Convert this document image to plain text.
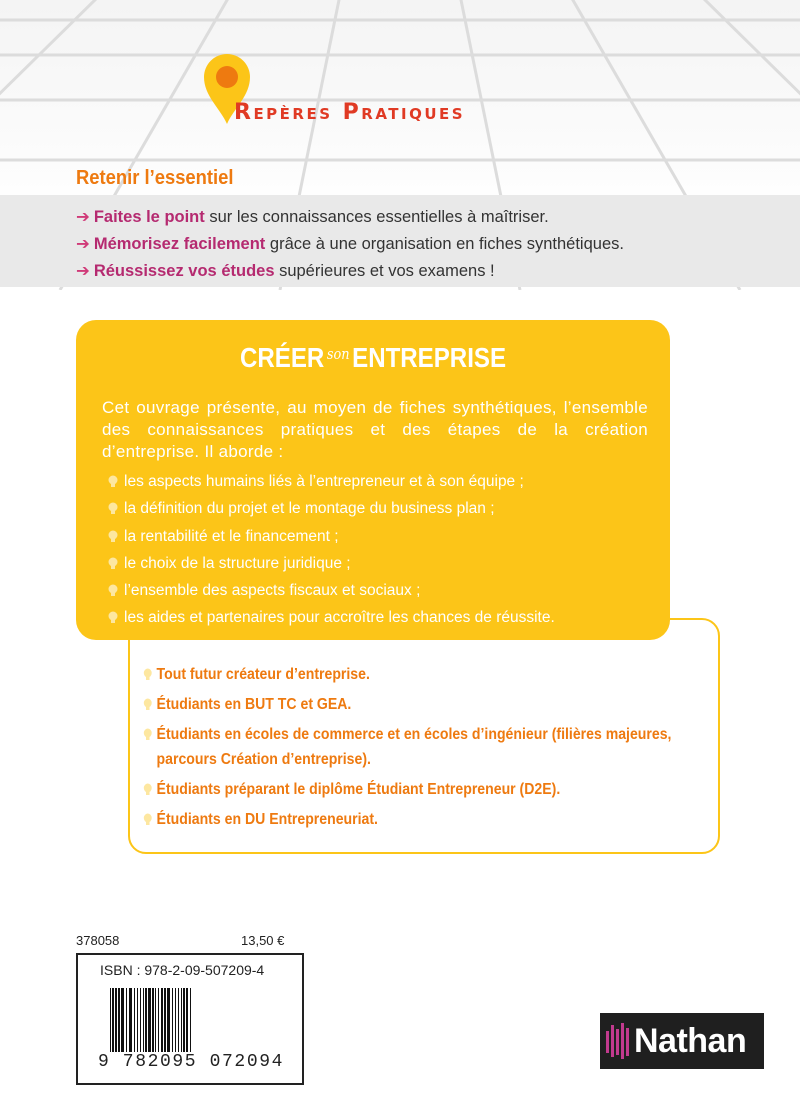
Repères Pratiques
Retenir l’essentiel
➔ Faites le point sur les connaissances essentielles à maîtriser.
➔ Mémorisez facilement grâce à une organisation en fiches synthétiques.
➔ Réussissez vos études supérieures et vos examens !
CRÉER $^{son}$ENTREPRISE
Cet ouvrage présente, au moyen de fiches synthétiques, l’ensemble des connaissances pratiques et des étapes de la création d’entreprise. Il aborde :
les aspects humains liés à l’entrepreneur et à son équipe ;
la définition du projet et le montage du business plan ;
la rentabilité et le financement ;
le choix de la structure juridique ;
l’ensemble des aspects fiscaux et sociaux ;
les aides et partenaires pour accroître les chances de réussite.
Tout futur créateur d’entreprise.
Étudiants en BUT TC et GEA.
Étudiants en écoles de commerce et en écoles d’ingénieur (filières majeures,
parcours Création d’entreprise).
Étudiants préparant le diplôme Étudiant Entrepreneur (D2E).
Étudiants en DU Entrepreneuriat.
378058	13,50 €
ISBN : 978-2-09-507209-4
9 782095 072094
Nathan
